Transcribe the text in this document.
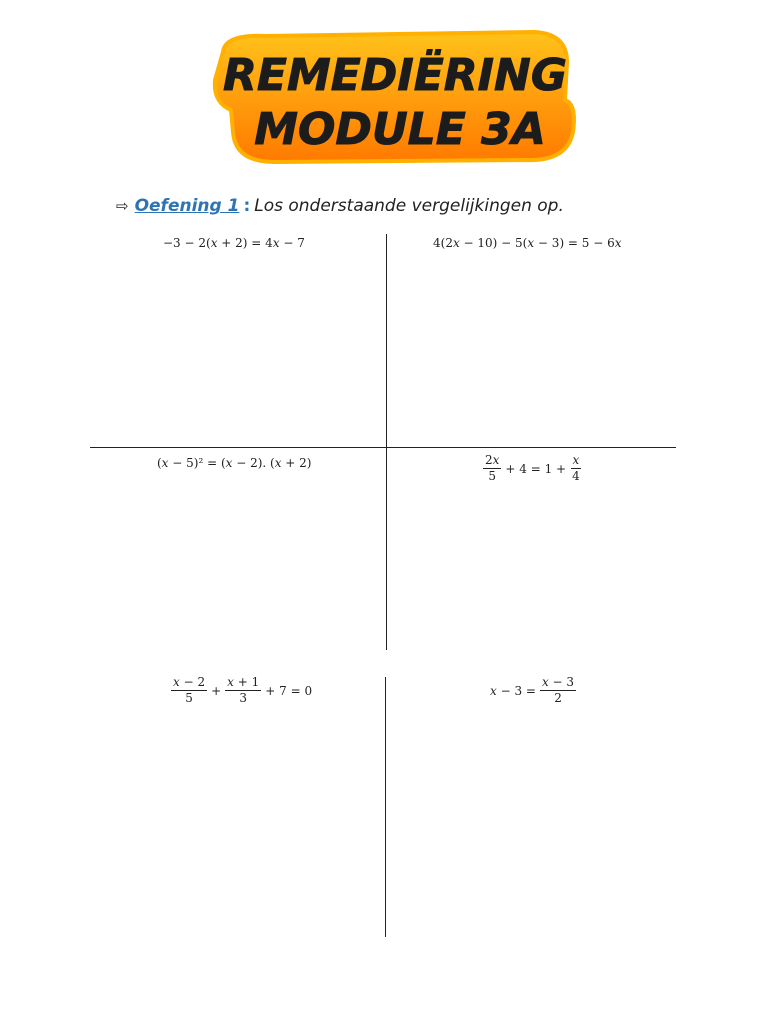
REMEDIËRING
MODULE 3A
⇨ Oefening 1 : Los onderstaande vergelijkingen op.
−3 − 2(𝑥 + 2) = 4𝑥 − 7	4(2𝑥 − 10) − 5(𝑥 − 3) = 5 − 6𝑥
(𝑥 − 5)² = (𝑥 − 2). (𝑥 + 2)	$\frac{\text{2𝑥}}{5} + 4 = 1 + \frac{\text{𝑥}}{4}$
$\frac{\text{𝑥 − 2}}{5} + \frac{\text{𝑥 + 1}}{3} + 7 = 0$	𝑥 − $3 = \frac{\text{𝑥 − 3}}{2}$
